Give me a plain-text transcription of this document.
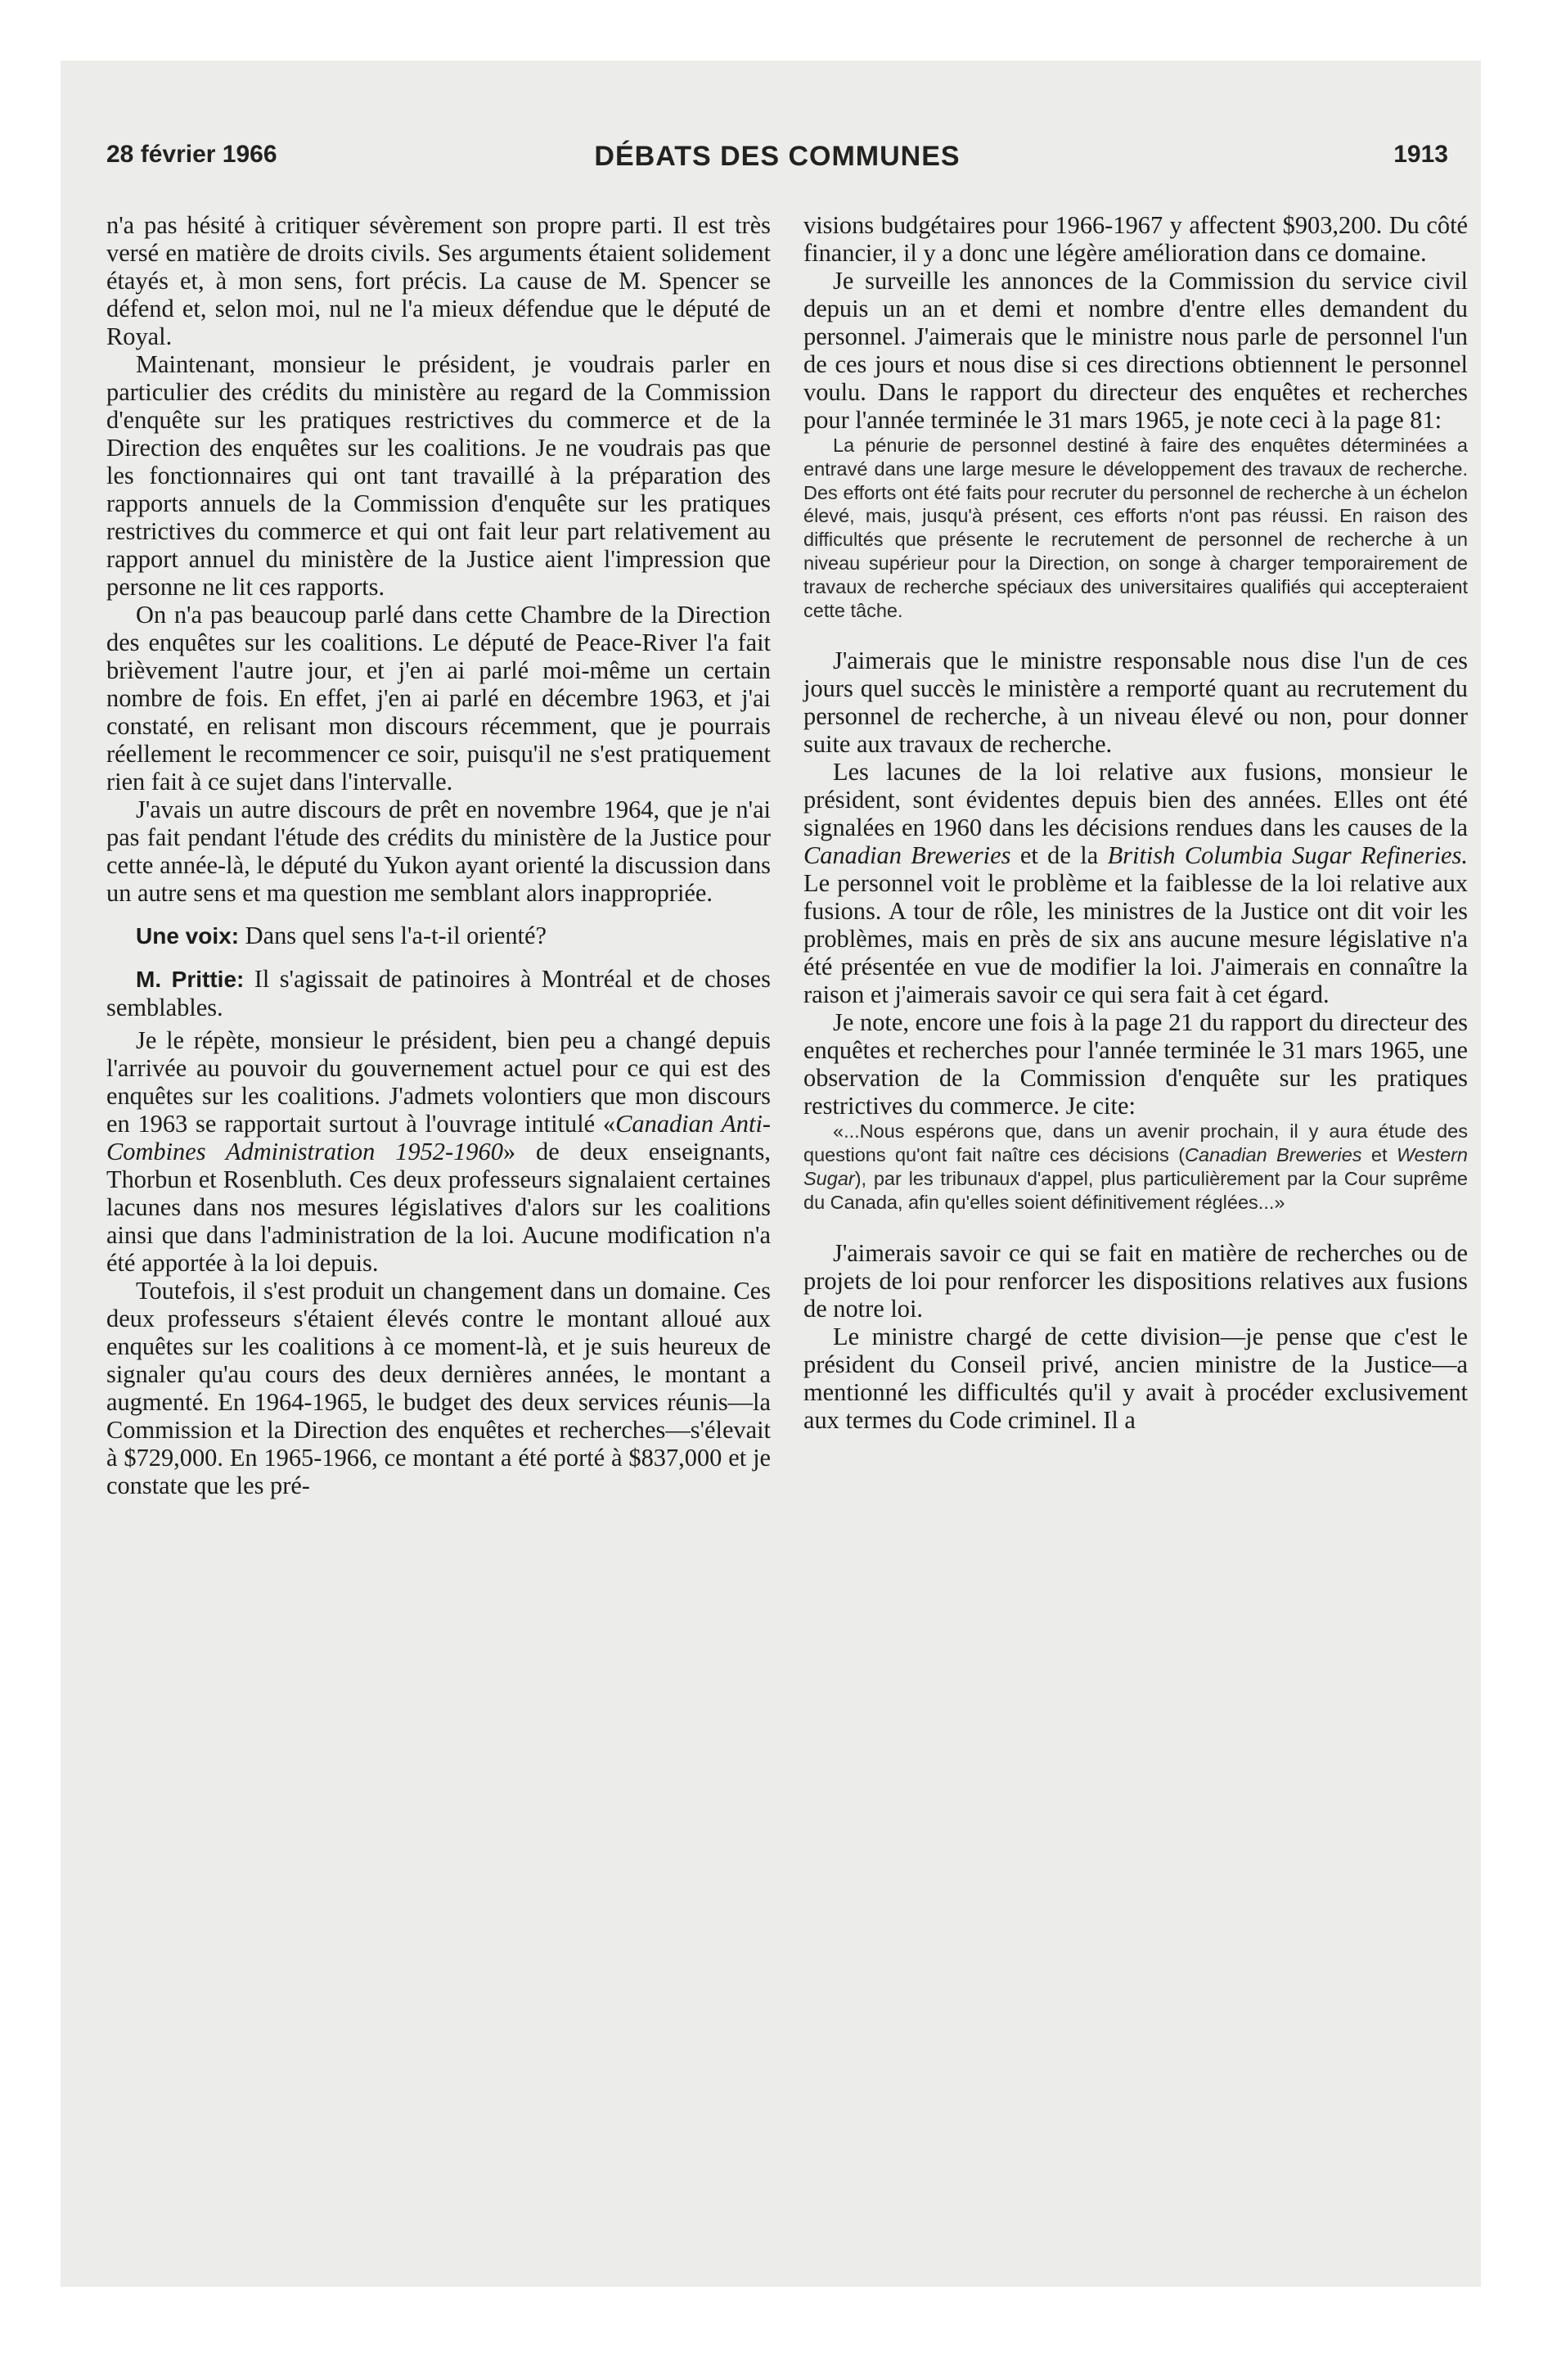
DÉBATS DES COMMUNES
28 février 1966	1913

n'a pas hésité à critiquer sévèrement son propre parti. Il est très versé en matière de droits civils. Ses arguments étaient solidement étayés et, à mon sens, fort précis. La cause de M. Spencer se défend et, selon moi, nul ne l'a mieux défendue que le député de Royal.

Maintenant, monsieur le président, je voudrais parler en particulier des crédits du ministère au regard de la Commission d'enquête sur les pratiques restrictives du commerce et de la Direction des enquêtes sur les coalitions. Je ne voudrais pas que les fonctionnaires qui ont tant travaillé à la préparation des rapports annuels de la Commission d'enquête sur les pratiques restrictives du commerce et qui ont fait leur part relativement au rapport annuel du ministère de la Justice aient l'impression que personne ne lit ces rapports.

On n'a pas beaucoup parlé dans cette Chambre de la Direction des enquêtes sur les coalitions. Le député de Peace-River l'a fait brièvement l'autre jour, et j'en ai parlé moi-même un certain nombre de fois. En effet, j'en ai parlé en décembre 1963, et j'ai constaté, en relisant mon discours récemment, que je pourrais réellement le recommencer ce soir, puisqu'il ne s'est pratiquement rien fait à ce sujet dans l'intervalle.

J'avais un autre discours de prêt en novembre 1964, que je n'ai pas fait pendant l'étude des crédits du ministère de la Justice pour cette année-là, le député du Yukon ayant orienté la discussion dans un autre sens et ma question me semblant alors inappropriée.

Une voix: Dans quel sens l'a-t-il orienté?

M. Prittie: Il s'agissait de patinoires à Montréal et de choses semblables.

Je le répète, monsieur le président, bien peu a changé depuis l'arrivée au pouvoir du gouvernement actuel pour ce qui est des enquêtes sur les coalitions. J'admets volontiers que mon discours en 1963 se rapportait surtout à l'ouvrage intitulé «Canadian Anti-Combines Administration 1952-1960» de deux enseignants, Thorbun et Rosenbluth. Ces deux professeurs signalaient certaines lacunes dans nos mesures législatives d'alors sur les coalitions ainsi que dans l'administration de la loi. Aucune modification n'a été apportée à la loi depuis.

Toutefois, il s'est produit un changement dans un domaine. Ces deux professeurs s'étaient élevés contre le montant alloué aux enquêtes sur les coalitions à ce moment-là, et je suis heureux de signaler qu'au cours des deux dernières années, le montant a augmenté. En 1964-1965, le budget des deux services réunis—la Commission et la Direction des enquêtes et recherches—s'élevait à $729,000. En 1965-1966, ce montant a été porté à $837,000 et je constate que les pré-

visions budgétaires pour 1966-1967 y affectent $903,200. Du côté financier, il y a donc une légère amélioration dans ce domaine.

Je surveille les annonces de la Commission du service civil depuis un an et demi et nombre d'entre elles demandent du personnel. J'aimerais que le ministre nous parle de personnel l'un de ces jours et nous dise si ces directions obtiennent le personnel voulu. Dans le rapport du directeur des enquêtes et recherches pour l'année terminée le 31 mars 1965, je note ceci à la page 81:

La pénurie de personnel destiné à faire des enquêtes déterminées a entravé dans une large mesure le développement des travaux de recherche. Des efforts ont été faits pour recruter du personnel de recherche à un échelon élevé, mais, jusqu'à présent, ces efforts n'ont pas réussi. En raison des difficultés que présente le recrutement de personnel de recherche à un niveau supérieur pour la Direction, on songe à charger temporairement de travaux de recherche spéciaux des universitaires qualifiés qui accepteraient cette tâche.

J'aimerais que le ministre responsable nous dise l'un de ces jours quel succès le ministère a remporté quant au recrutement du personnel de recherche, à un niveau élevé ou non, pour donner suite aux travaux de recherche.

Les lacunes de la loi relative aux fusions, monsieur le président, sont évidentes depuis bien des années. Elles ont été signalées en 1960 dans les décisions rendues dans les causes de la Canadian Breweries et de la British Columbia Sugar Refineries. Le personnel voit le problème et la faiblesse de la loi relative aux fusions. A tour de rôle, les ministres de la Justice ont dit voir les problèmes, mais en près de six ans aucune mesure législative n'a été présentée en vue de modifier la loi. J'aimerais en connaître la raison et j'aimerais savoir ce qui sera fait à cet égard.

Je note, encore une fois à la page 21 du rapport du directeur des enquêtes et recherches pour l'année terminée le 31 mars 1965, une observation de la Commission d'enquête sur les pratiques restrictives du commerce. Je cite:

«...Nous espérons que, dans un avenir prochain, il y aura étude des questions qu'ont fait naître ces décisions (Canadian Breweries et Western Sugar), par les tribunaux d'appel, plus particulièrement par la Cour suprême du Canada, afin qu'elles soient définitivement réglées...»

J'aimerais savoir ce qui se fait en matière de recherches ou de projets de loi pour renforcer les dispositions relatives aux fusions de notre loi.

Le ministre chargé de cette division—je pense que c'est le président du Conseil privé, ancien ministre de la Justice—a mentionné les difficultés qu'il y avait à procéder exclusivement aux termes du Code criminel. Il a
